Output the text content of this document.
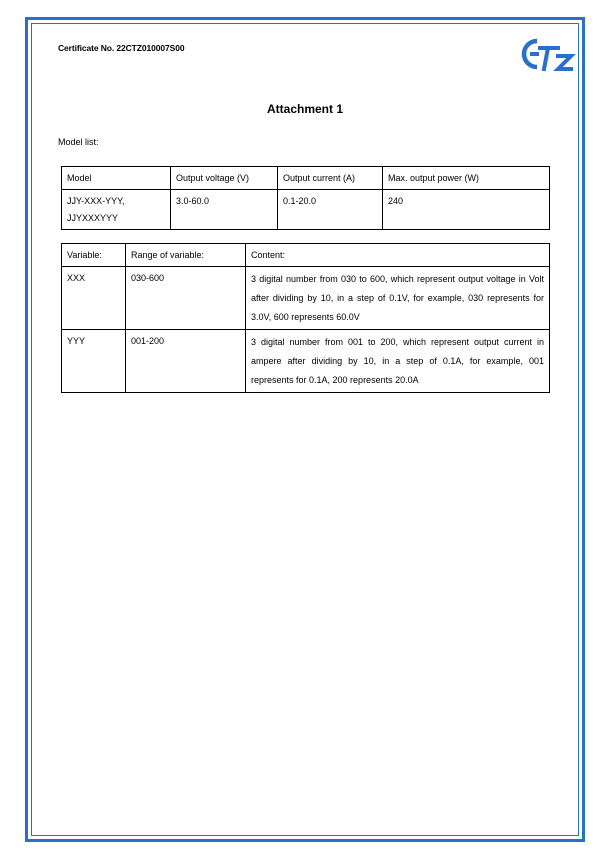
Certificate No. 22CTZ010007S00
Attachment 1
Model list:
Model	Output voltage (V)	Output current (A)	Max. output power (W)

JJY-XXX-YYY,
JJYXXXYYY	3.0-60.0	0.1-20.0	240
Variable:	Range of variable:	Content:
XXX	030-600	3 digital number from 030 to 600, which represent output voltage in Volt after dividing by 10, in a step of 0.1V, for example, 030 represents for 3.0V, 600 represents 60.0V
YYY	001-200	3 digital number from 001 to 200, which represent output current in ampere after dividing by 10, in a step of 0.1A, for example, 001 represents for 0.1A, 200 represents 20.0A
